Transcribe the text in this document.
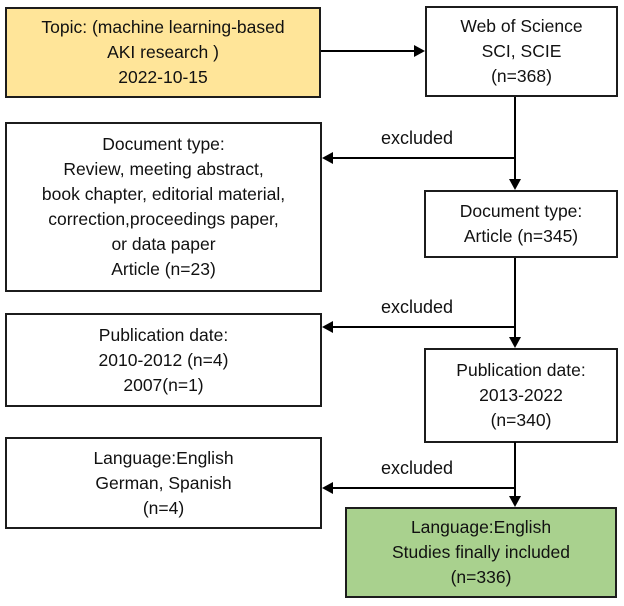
Topic: (machine learning-based
AKI research )
2022-10-15
Web of Science
SCI, SCIE
(n=368)
Document type:
Review, meeting abstract,
book chapter, editorial material,
correction,proceedings paper,
or data paper
Article (n=23)
Document type:
Article (n=345)
Publication date:
2010-2012 (n=4)
2007(n=1)
Publication date:
2013-2022
(n=340)
Language:English
German, Spanish
(n=4)
Language:English
Studies finally included
(n=336)
excluded
excluded
excluded
